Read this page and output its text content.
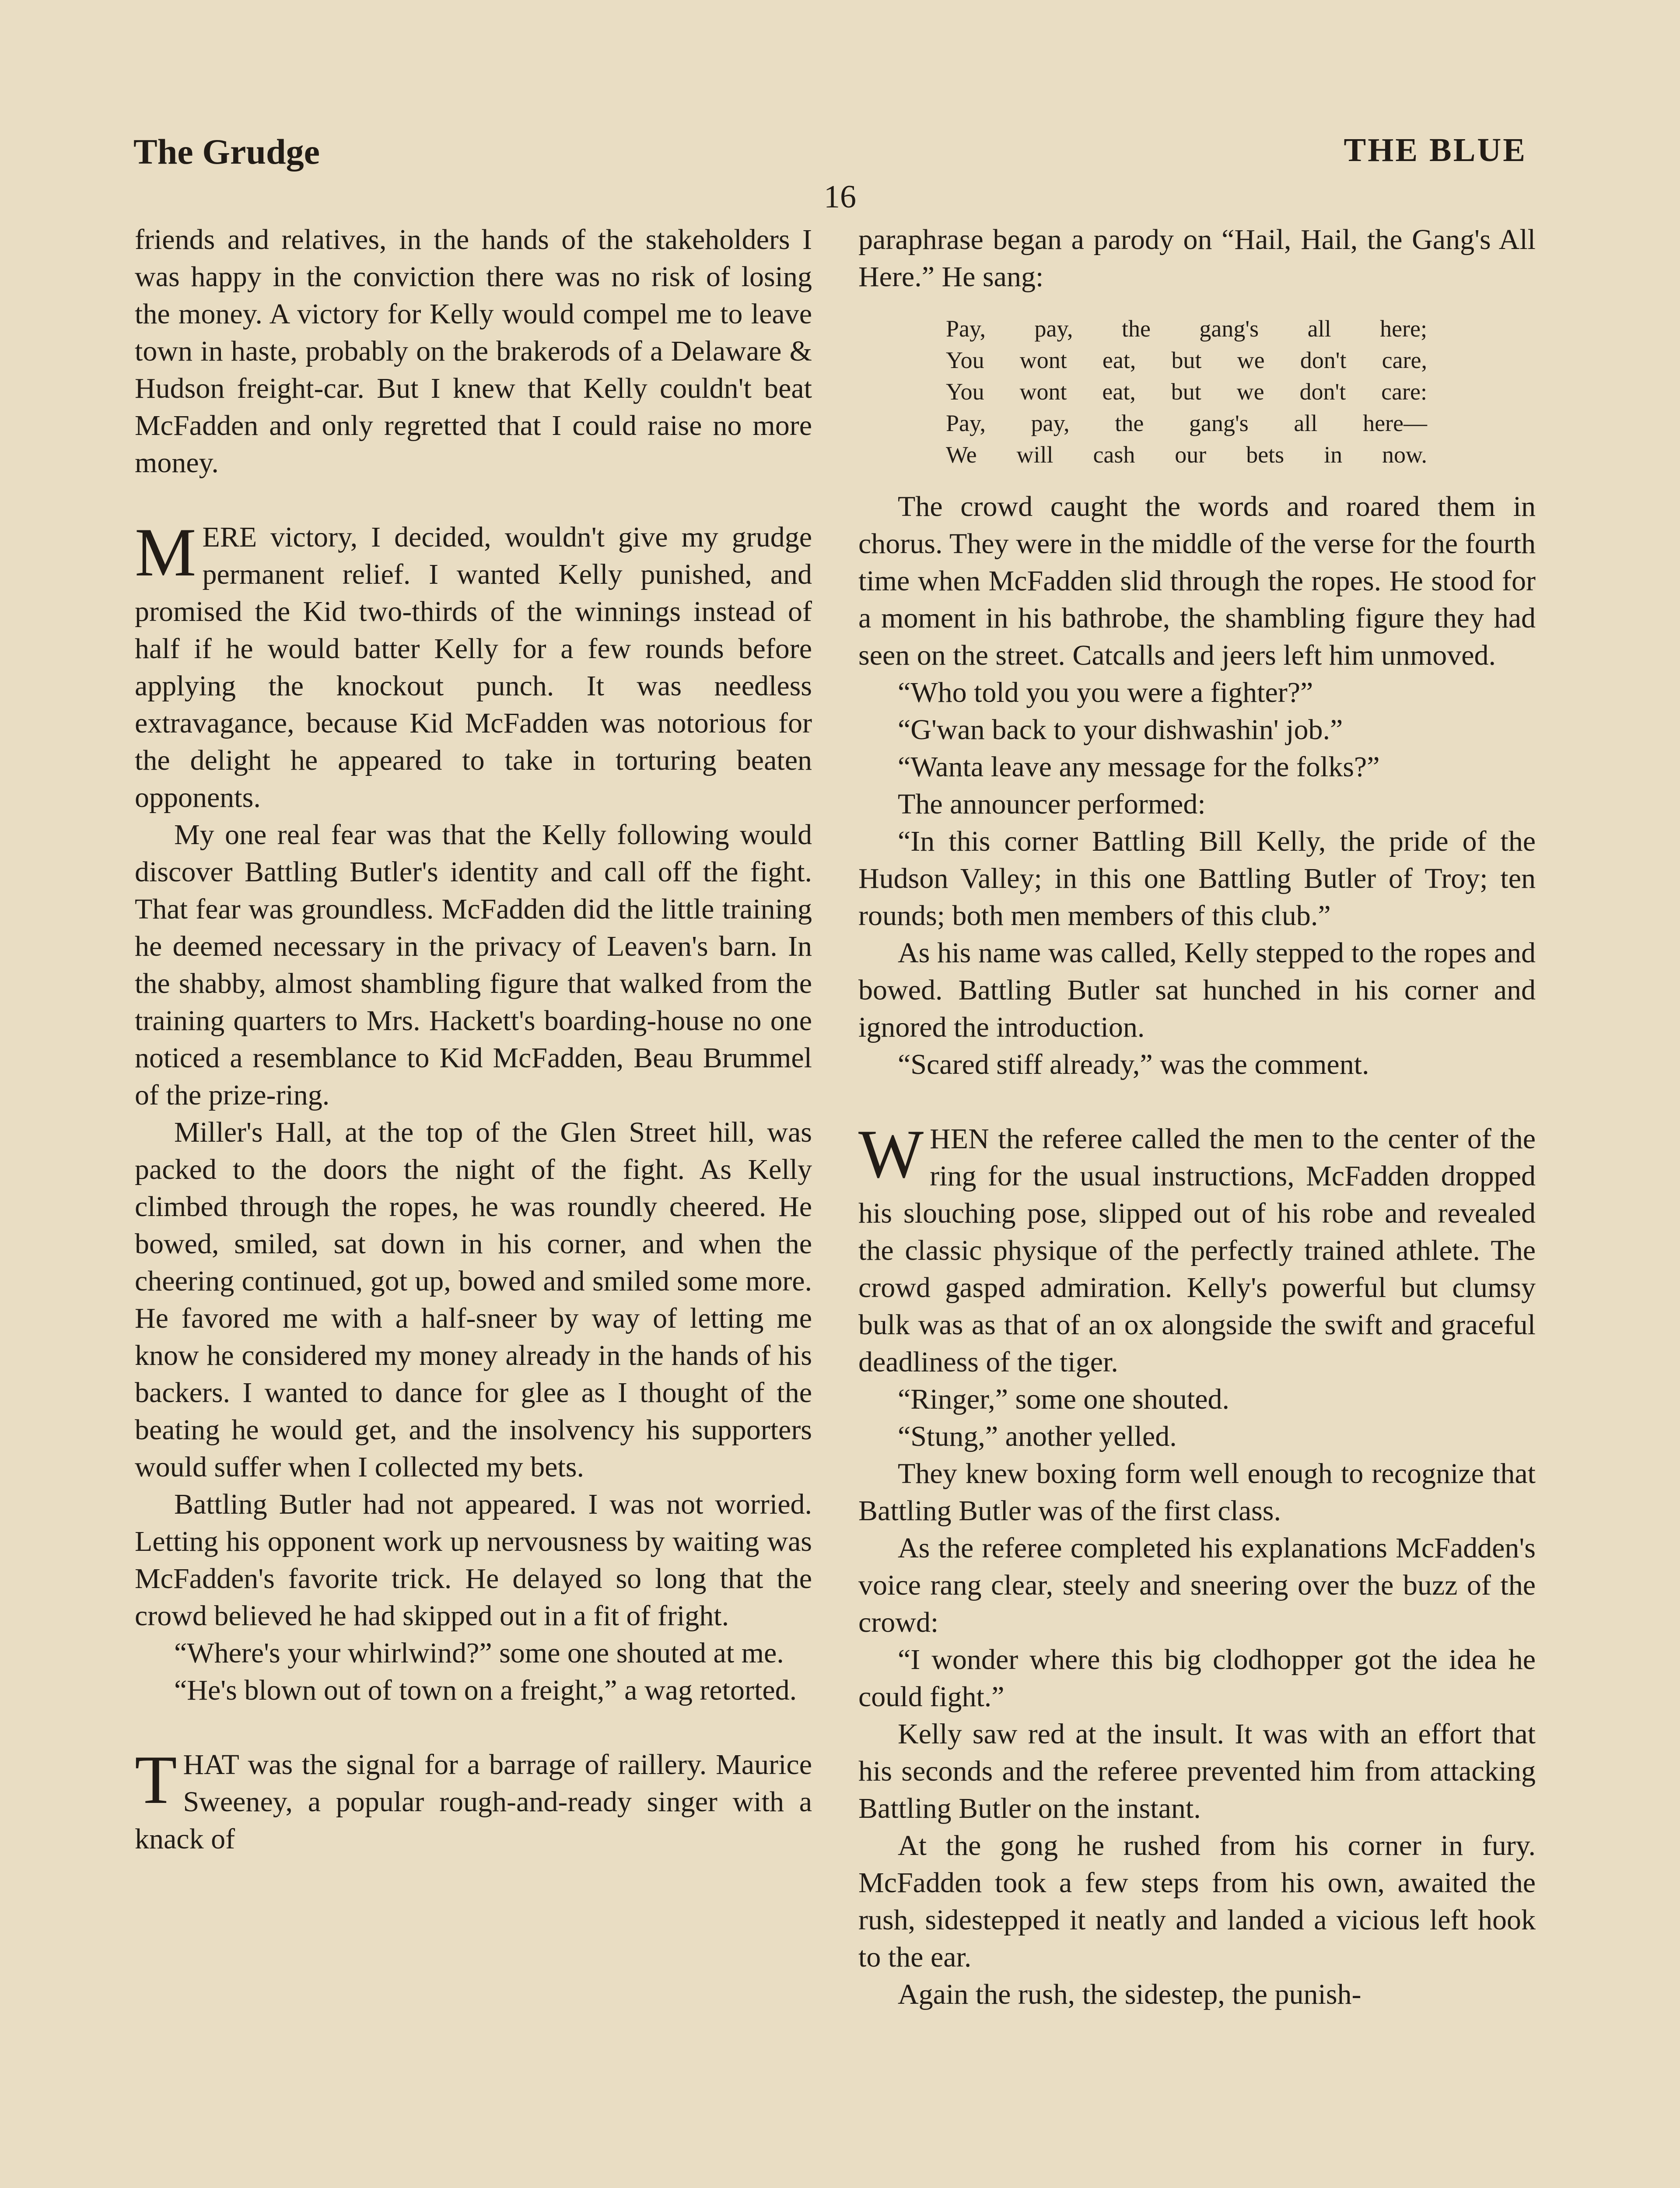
The Grudge	THE BLUE
16

friends and relatives, in the hands of the stakeholders I was happy in the conviction there was no risk of losing the money. A victory for Kelly would compel me to leave town in haste, probably on the brakerods of a Delaware & Hudson freight-car. But I knew that Kelly couldn't beat McFadden and only regretted that I could raise no more money.

MERE victory, I decided, wouldn't give my grudge permanent relief. I wanted Kelly punished, and promised the Kid two-thirds of the winnings instead of half if he would batter Kelly for a few rounds before applying the knockout punch. It was needless extravagance, because Kid McFadden was notorious for the delight he appeared to take in torturing beaten opponents.

My one real fear was that the Kelly following would discover Battling Butler's identity and call off the fight. That fear was groundless. McFadden did the little training he deemed necessary in the privacy of Leaven's barn. In the shabby, almost shambling figure that walked from the training quarters to Mrs. Hackett's boarding-house no one noticed a resemblance to Kid McFadden, Beau Brummel of the prize-ring.

Miller's Hall, at the top of the Glen Street hill, was packed to the doors the night of the fight. As Kelly climbed through the ropes, he was roundly cheered. He bowed, smiled, sat down in his corner, and when the cheering continued, got up, bowed and smiled some more. He favored me with a half-sneer by way of letting me know he considered my money already in the hands of his backers. I wanted to dance for glee as I thought of the beating he would get, and the insolvency his supporters would suffer when I collected my bets.

Battling Butler had not appeared. I was not worried. Letting his opponent work up nervousness by waiting was McFadden's favorite trick. He delayed so long that the crowd believed he had skipped out in a fit of fright.

“Where's your whirlwind?” some one shouted at me.

“He's blown out of town on a freight,” a wag retorted.

THAT was the signal for a barrage of raillery. Maurice Sweeney, a popular rough-and-ready singer with a knack of

paraphrase began a parody on “Hail, Hail, the Gang's All Here.” He sang:

Pay, pay, the gang's all here;
You wont eat, but we don't care,
You wont eat, but we don't care:
Pay, pay, the gang's all here—
We will cash our bets in now.

The crowd caught the words and roared them in chorus. They were in the middle of the verse for the fourth time when McFadden slid through the ropes. He stood for a moment in his bathrobe, the shambling figure they had seen on the street. Catcalls and jeers left him unmoved.

“Who told you you were a fighter?”

“G'wan back to your dishwashin' job.”

“Wanta leave any message for the folks?”

The announcer performed:

“In this corner Battling Bill Kelly, the pride of the Hudson Valley; in this one Battling Butler of Troy; ten rounds; both men members of this club.”

As his name was called, Kelly stepped to the ropes and bowed. Battling Butler sat hunched in his corner and ignored the introduction.

“Scared stiff already,” was the comment.

WHEN the referee called the men to the center of the ring for the usual instructions, McFadden dropped his slouching pose, slipped out of his robe and revealed the classic physique of the perfectly trained athlete. The crowd gasped admiration. Kelly's powerful but clumsy bulk was as that of an ox alongside the swift and graceful deadliness of the tiger.

“Ringer,” some one shouted.

“Stung,” another yelled.

They knew boxing form well enough to recognize that Battling Butler was of the first class.

As the referee completed his explanations McFadden's voice rang clear, steely and sneering over the buzz of the crowd:

“I wonder where this big clodhopper got the idea he could fight.”

Kelly saw red at the insult. It was with an effort that his seconds and the referee prevented him from attacking Battling Butler on the instant.

At the gong he rushed from his corner in fury. McFadden took a few steps from his own, awaited the rush, sidestepped it neatly and landed a vicious left hook to the ear.

Again the rush, the sidestep, the punish-
